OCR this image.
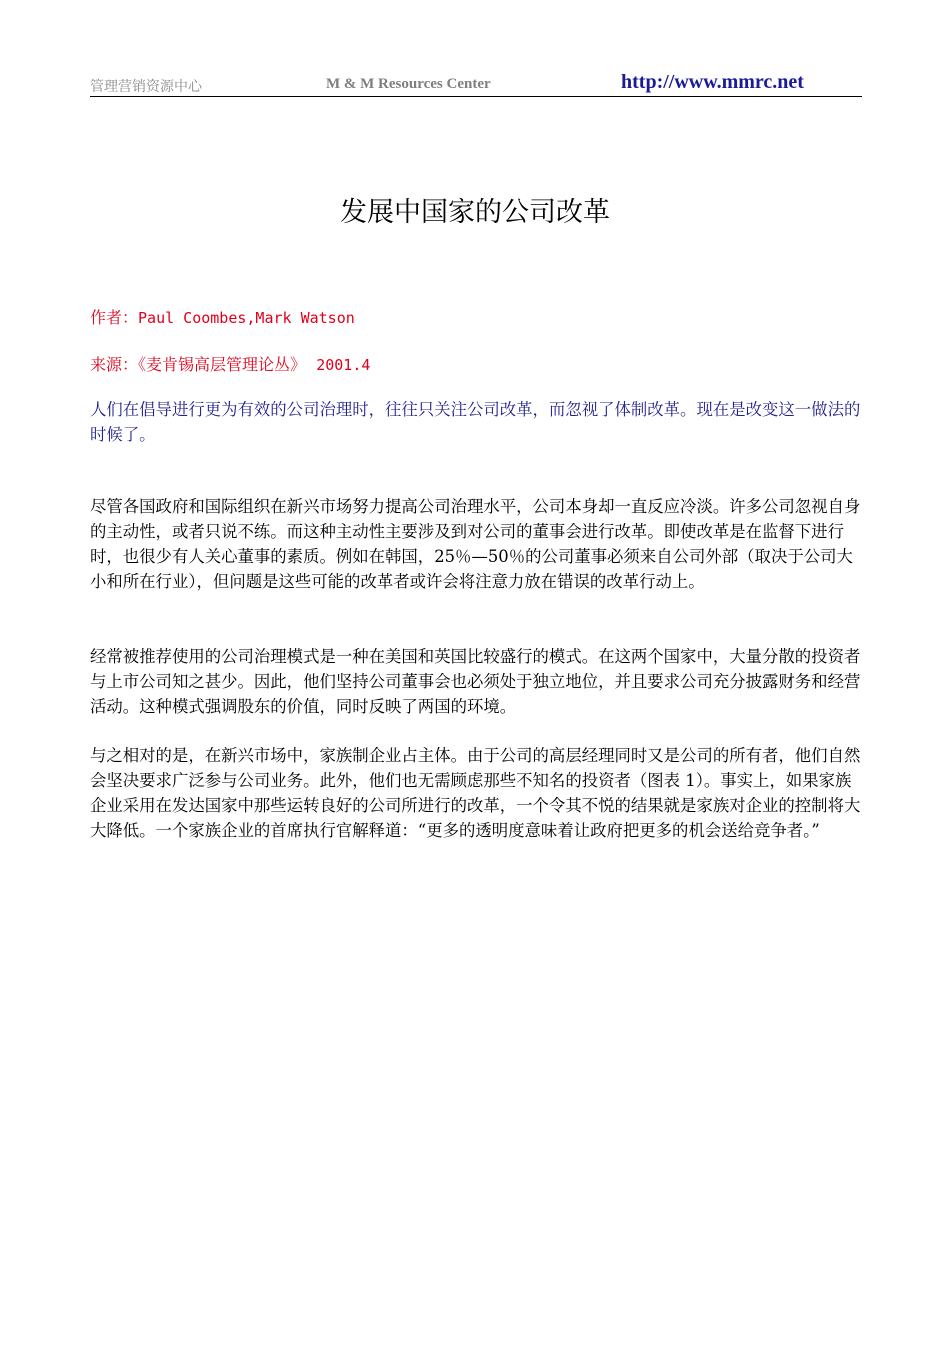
管理营销资源中心	M & M Resources Center	http://www.mmrc.net
发展中国家的公司改革
作者：Paul Coombes,Mark Watson
来源：《麦肯锡高层管理论丛》 2001.4

人们在倡导进行更为有效的公司治理时，往往只关注公司改革，而忽视了体制改革。现在是改变这一做法的时候了。

尽管各国政府和国际组织在新兴市场努力提高公司治理水平，公司本身却一直反应冷淡。许多公司忽视自身的主动性，或者只说不练。而这种主动性主要涉及到对公司的董事会进行改革。即使改革是在监督下进行时，也很少有人关心董事的素质。例如在韩国，25％—50％的公司董事必须来自公司外部（取决于公司大小和所在行业），但问题是这些可能的改革者或许会将注意力放在错误的改革行动上。

经常被推荐使用的公司治理模式是一种在美国和英国比较盛行的模式。在这两个国家中，大量分散的投资者与上市公司知之甚少。因此，他们坚持公司董事会也必须处于独立地位，并且要求公司充分披露财务和经营活动。这种模式强调股东的价值，同时反映了两国的环境。

与之相对的是，在新兴市场中，家族制企业占主体。由于公司的高层经理同时又是公司的所有者，他们自然会坚决要求广泛参与公司业务。此外，他们也无需顾虑那些不知名的投资者（图表 1）。事实上，如果家族企业采用在发达国家中那些运转良好的公司所进行的改革，一个令其不悦的结果就是家族对企业的控制将大大降低。一个家族企业的首席执行官解释道：“更多的透明度意味着让政府把更多的机会送给竞争者。”
